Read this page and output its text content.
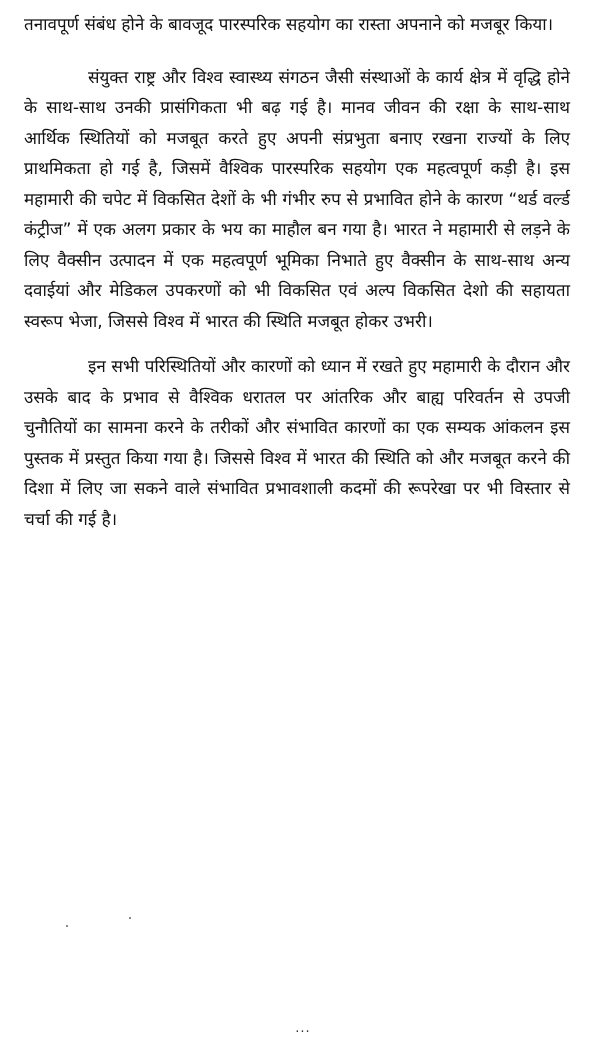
तनावपूर्ण संबंध होने के बावजूद पारस्परिक सहयोग का रास्ता अपनाने को मजबूर किया।

संयुक्त राष्ट्र और विश्व स्वास्थ्य संगठन जैसी संस्थाओं के कार्य क्षेत्र में वृद्धि होने के साथ-साथ उनकी प्रासंगिकता भी बढ़ गई है। मानव जीवन की रक्षा के साथ-साथ आर्थिक स्थितियों को मजबूत करते हुए अपनी संप्रभुता बनाए रखना राज्यों के लिए प्राथमिकता हो गई है, जिसमें वैश्विक पारस्परिक सहयोग एक महत्वपूर्ण कड़ी है। इस महामारी की चपेट में विकसित देशों के भी गंभीर रुप से प्रभावित होने के कारण “थर्ड वर्ल्ड कंट्रीज” में एक अलग प्रकार के भय का माहौल बन गया है। भारत ने महामारी से लड़ने के लिए वैक्सीन उत्पादन में एक महत्वपूर्ण भूमिका निभाते हुए वैक्सीन के साथ-साथ अन्य दवाईयां और मेडिकल उपकरणों को भी विकसित एवं अल्प विकसित देशो की सहायता स्वरूप भेजा, जिससे विश्व में भारत की स्थिति मजबूत होकर उभरी।

इन सभी परिस्थितियों और कारणों को ध्यान में रखते हुए महामारी के दौरान और उसके बाद के प्रभाव से वैश्विक धरातल पर आंतरिक और बाह्य परिवर्तन से उपजी चुनौतियों का सामना करने के तरीकों और संभावित कारणों का एक सम्यक आंकलन इस पुस्तक में प्रस्तुत किया गया है। जिससे विश्व में भारत की स्थिति को और मजबूत करने की दिशा में लिए जा सकने वाले संभावित प्रभावशाली कदमों की रूपरेखा पर भी विस्तार से चर्चा की गई है।

...
